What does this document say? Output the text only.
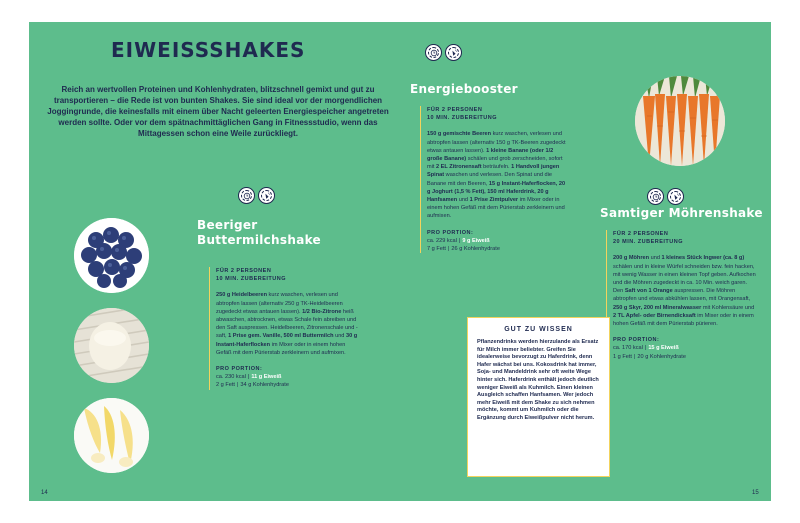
EIWEISSSHAKES

Reich an wertvollen Proteinen und Kohlenhydraten, blitzschnell gemixt und gut zu transportieren – die Rede ist von bunten Shakes. Sie sind ideal vor der morgendlichen Joggingrunde, die keinesfalls mit einem über Nacht geleerten Energiespeicher angetreten werden sollte. Oder vor dem spätnachmittäglichen Gang in Fitnessstudio, wenn das Mittagessen schon eine Weile zurückliegt.

Beeriger
Buttermilchshake
FÜR 2 PERSONEN
10 MIN. ZUBEREITUNG
250 g Heidelbeeren kurz waschen, verlesen und abtropfen lassen (alternativ 250 g TK-Heidelbeeren zugedeckt etwas antauen lassen). 1/2 Bio-Zitrone heiß abwaschen, abtrocknen, etwas Schale fein abreiben und den Saft auspressen. Heidelbeeren, Zitronenschale und -saft, 1 Prise gem. Vanille, 500 ml Buttermilch und 30 g Instant-Haferflocken im Mixer oder in einem hohen Gefäß mit dem Pürierstab zerkleinern und aufmixen.
PRO PORTION:
ca. 230 kcal | 11 g Eiweiß
2 g Fett | 34 g Kohlenhydrate
14
Energiebooster
FÜR 2 PERSONEN
10 MIN. ZUBEREITUNG
150 g gemischte Beeren kurz waschen, verlesen und abtropfen lassen (alternativ 150 g TK-Beeren zugedeckt etwas antauen lassen). 1 kleine Banane (oder 1/2 große Banane) schälen und grob zerschneiden, sofort mit 2 EL Zitronensaft beträufeln. 1 Handvoll jungen Spinat waschen und verlesen. Den Spinat und die Banane mit den Beeren, 15 g Instant-Haferflocken, 20 g Joghurt (1,5 % Fett), 150 ml Haferdrink, 20 g Hanfsamen und 1 Prise Zimtpulver im Mixer oder in einem hohen Gefäß mit dem Pürierstab zerkleinern und aufmixen.
PRO PORTION:
ca. 229 kcal | 9 g Eiweiß
7 g Fett | 26 g Kohlenhydrate
Samtiger Möhrenshake
FÜR 2 PERSONEN
20 MIN. ZUBEREITUNG
200 g Möhren und 1 kleines Stück Ingwer (ca. 8 g) schälen und in kleine Würfel schneiden bzw. fein hacken, mit wenig Wasser in einen kleinen Topf geben. Aufkochen und die Möhren zugedeckt in ca. 10 Min. weich garen. Den Saft von 1 Orange auspressen. Die Möhren abtropfen und etwas abkühlen lassen, mit Orangensaft, 250 g Skyr, 200 ml Mineralwasser mit Kohlensäure und 2 TL Apfel- oder Birnendicksaft im Mixer oder in einem hohen Gefäß mit dem Pürierstab pürieren.
PRO PORTION:
ca. 170 kcal | 15 g Eiweiß
1 g Fett | 20 g Kohlenhydrate
GUT ZU WISSEN

Pflanzendrinks werden hierzulande als Ersatz für Milch immer beliebter. Greifen Sie idealerweise bevorzugt zu Haferdrink, denn Hafer wächst bei uns. Kokosdrink hat immer, Soja- und Mandeldrink sehr oft weite Wege hinter sich. Haferdrink enthält jedoch deutlich weniger Eiweiß als Kuhmilch. Einen kleinen Ausgleich schaffen Hanfsamen. Wer jedoch mehr Eiweiß mit dem Shake zu sich nehmen möchte, kommt um Kuhmilch oder die Ergänzung durch Eiweißpulver nicht herum.

15
